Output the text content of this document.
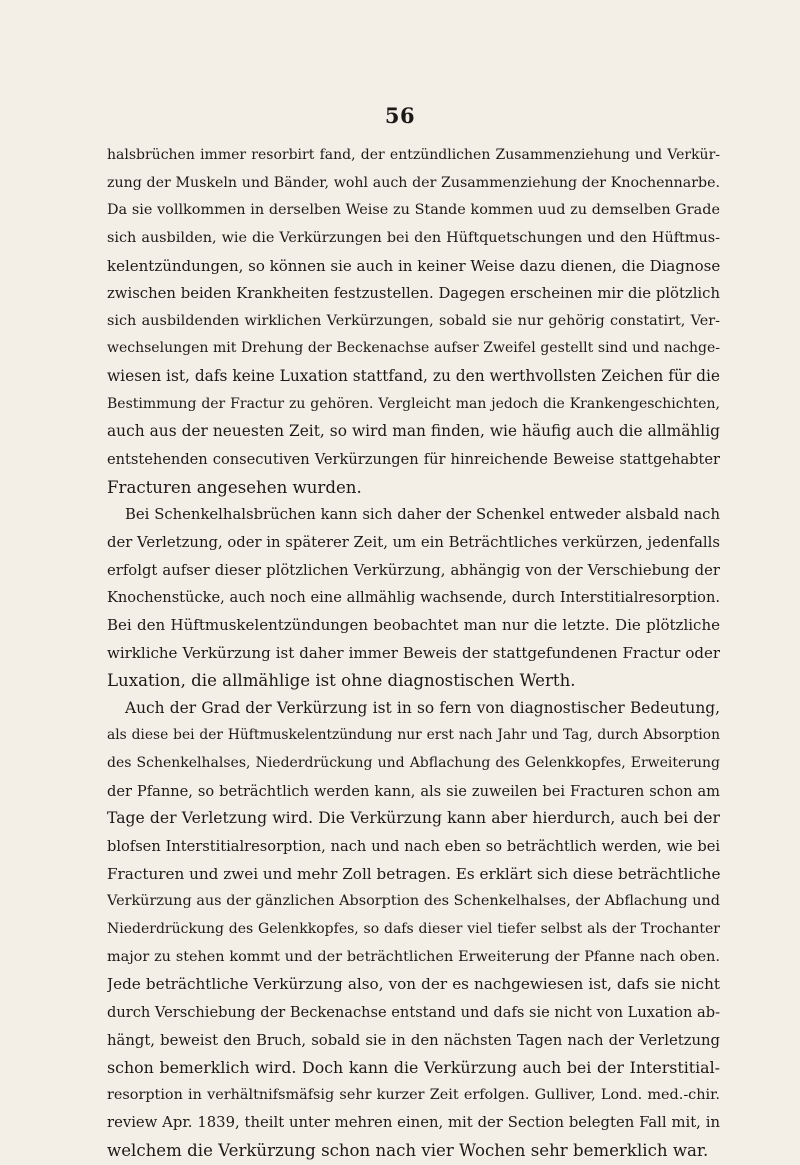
56
halsbrüchen immer resorbirt fand, der entzündlichen Zusammenziehung und Verkür-
zung der Muskeln und Bänder, wohl auch der Zusammenziehung der Knochennarbe.
Da sie vollkommen in derselben Weise zu Stande kommen uud zu demselben Grade
sich ausbilden, wie die Verkürzungen bei den Hüftquetschungen und den Hüftmus-
kelentzündungen, so können sie auch in keiner Weise dazu dienen, die Diagnose
zwischen beiden Krankheiten festzustellen. Dagegen erscheinen mir die plötzlich
sich ausbildenden wirklichen Verkürzungen, sobald sie nur gehörig constatirt, Ver-
wechselungen mit Drehung der Beckenachse aufser Zweifel gestellt sind und nachge-
wiesen ist, dafs keine Luxation stattfand, zu den werthvollsten Zeichen für die
Bestimmung der Fractur zu gehören. Vergleicht man jedoch die Krankengeschichten,
auch aus der neuesten Zeit, so wird man finden, wie häufig auch die allmählig
entstehenden consecutiven Verkürzungen für hinreichende Beweise stattgehabter
Fracturen angesehen wurden.
Bei Schenkelhalsbrüchen kann sich daher der Schenkel entweder alsbald nach
der Verletzung, oder in späterer Zeit, um ein Beträchtliches verkürzen, jedenfalls
erfolgt aufser dieser plötzlichen Verkürzung, abhängig von der Verschiebung der
Knochenstücke, auch noch eine allmählig wachsende, durch Interstitialresorption.
Bei den Hüftmuskelentzündungen beobachtet man nur die letzte. Die plötzliche
wirkliche Verkürzung ist daher immer Beweis der stattgefundenen Fractur oder
Luxation, die allmählige ist ohne diagnostischen Werth.
Auch der Grad der Verkürzung ist in so fern von diagnostischer Bedeutung,
als diese bei der Hüftmuskelentzündung nur erst nach Jahr und Tag, durch Absorption
des Schenkelhalses, Niederdrückung und Abflachung des Gelenkkopfes, Erweiterung
der Pfanne, so beträchtlich werden kann, als sie zuweilen bei Fracturen schon am
Tage der Verletzung wird. Die Verkürzung kann aber hierdurch, auch bei der
blofsen Interstitialresorption, nach und nach eben so beträchtlich werden, wie bei
Fracturen und zwei und mehr Zoll betragen. Es erklärt sich diese beträchtliche
Verkürzung aus der gänzlichen Absorption des Schenkelhalses, der Abflachung und
Niederdrückung des Gelenkkopfes, so dafs dieser viel tiefer selbst als der Trochanter
major zu stehen kommt und der beträchtlichen Erweiterung der Pfanne nach oben.
Jede beträchtliche Verkürzung also, von der es nachgewiesen ist, dafs sie nicht
durch Verschiebung der Beckenachse entstand und dafs sie nicht von Luxation ab-
hängt, beweist den Bruch, sobald sie in den nächsten Tagen nach der Verletzung
schon bemerklich wird. Doch kann die Verkürzung auch bei der Interstitial-
resorption in verhältnifsmäfsig sehr kurzer Zeit erfolgen. Gulliver, Lond. med.-chir.
review Apr. 1839, theilt unter mehren einen, mit der Section belegten Fall mit, in
welchem die Verkürzung schon nach vier Wochen sehr bemerklich war.
